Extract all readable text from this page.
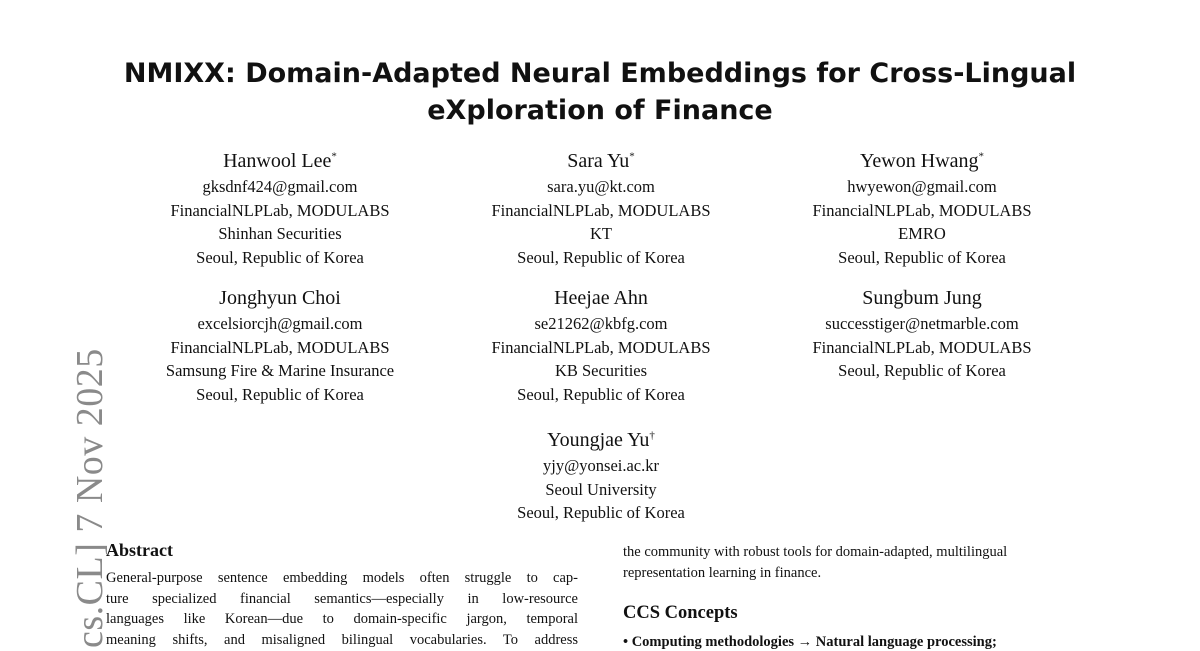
cs.CL] 7 Nov 2025
NMIXX: Domain-Adapted Neural Embeddings for Cross-Lingual
eXploration of Finance
Hanwool Lee*
gksdnf424@gmail.com
FinancialNLPLab, MODULABS
Shinhan Securities
Seoul, Republic of Korea
Sara Yu*
sara.yu@kt.com
FinancialNLPLab, MODULABS
KT
Seoul, Republic of Korea
Yewon Hwang*
hwyewon@gmail.com
FinancialNLPLab, MODULABS
EMRO
Seoul, Republic of Korea
Jonghyun Choi
excelsiorcjh@gmail.com
FinancialNLPLab, MODULABS
Samsung Fire & Marine Insurance
Seoul, Republic of Korea
Heejae Ahn
se21262@kbfg.com
FinancialNLPLab, MODULABS
KB Securities
Seoul, Republic of Korea
Sungbum Jung
successtiger@netmarble.com
FinancialNLPLab, MODULABS
Seoul, Republic of Korea
Youngjae Yu†
yjy@yonsei.ac.kr
Seoul University
Seoul, Republic of Korea
Abstract
General-purpose sentence embedding models often struggle to cap-
ture specialized financial semantics—especially in low-resource
languages like Korean—due to domain-specific jargon, temporal
meaning shifts, and misaligned bilingual vocabularies. To address
the community with robust tools for domain-adapted, multilingual
representation learning in finance.
CCS Concepts
• Computing methodologies → Natural language processing;
